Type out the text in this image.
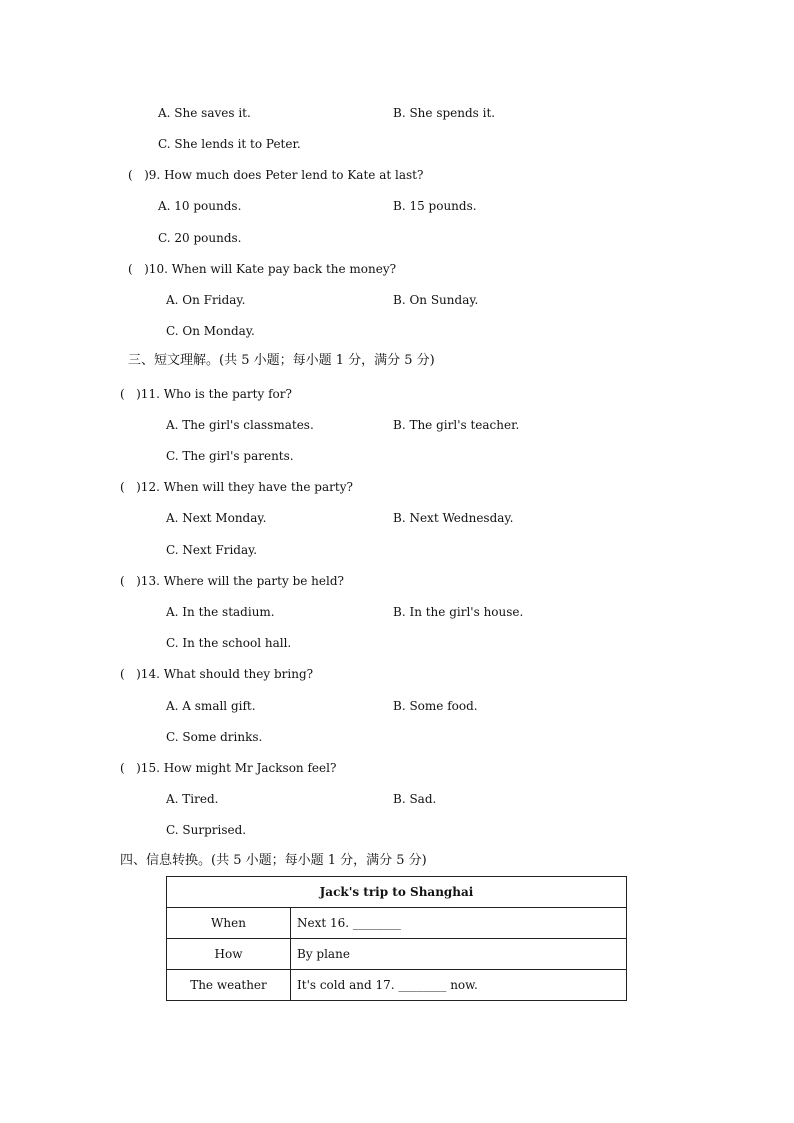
A. She saves it.	B. She spends it.
C. She lends it to Peter.
(   )9. How much does Peter lend to Kate at last?
A. 10 pounds.	B. 15 pounds.
C. 20 pounds.
(   )10. When will Kate pay back the money?
A. On Friday.	B. On Sunday.
C. On Monday.
三、短文理解。(共 5 小题；每小题 1 分，满分 5 分)
(   )11. Who is the party for?
A. The girl's classmates.	B. The girl's teacher.
C. The girl's parents.
(   )12. When will they have the party?
A. Next Monday.	B. Next Wednesday.
C. Next Friday.
(   )13. Where will the party be held?
A. In the stadium.	B. In the girl's house.
C. In the school hall.
(   )14. What should they bring?
A. A small gift.	B. Some food.
C. Some drinks.
(   )15. How might Mr Jackson feel?
A. Tired.	B. Sad.
C. Surprised.
四、信息转换。(共 5 小题；每小题 1 分，满分 5 分)
Jack's trip to Shanghai	
When	Next 16. ________
How	By plane
The weather	It's cold and 17. ________ now.
